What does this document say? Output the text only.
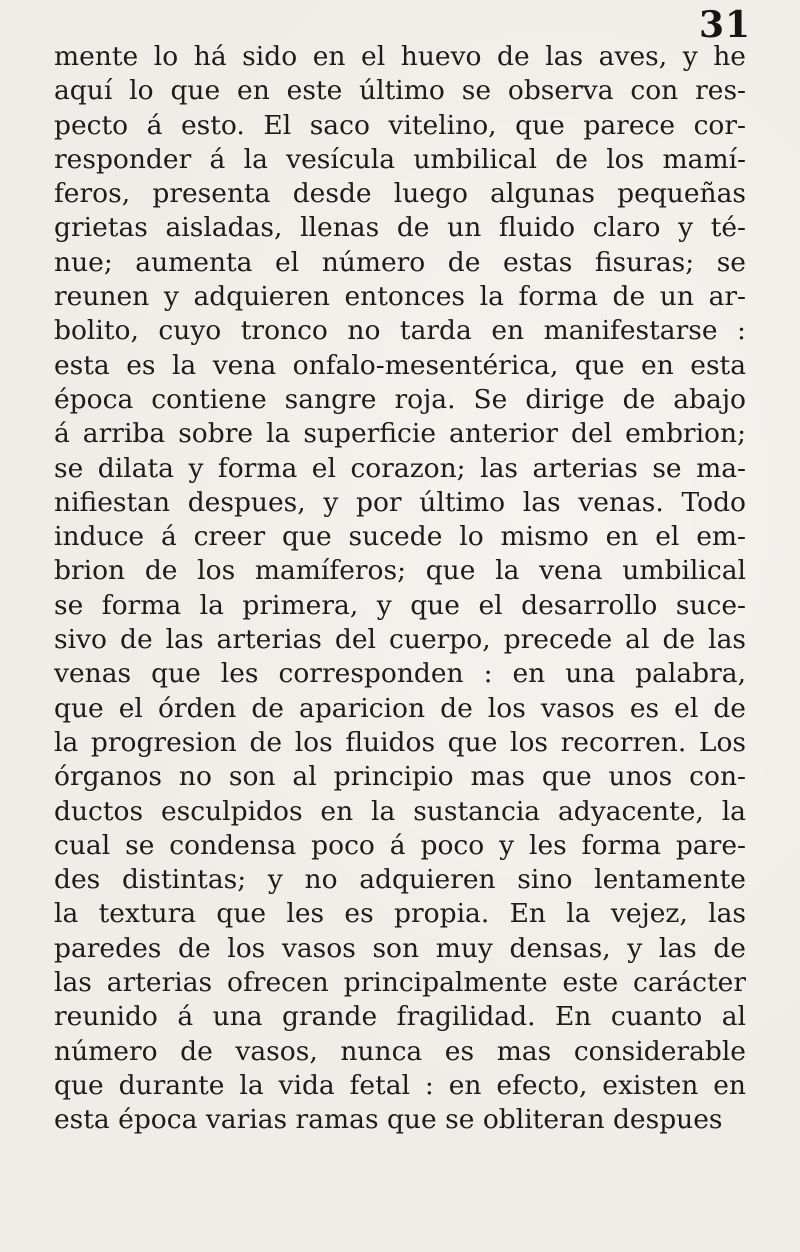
31
mente lo há sido en el huevo de las aves, y he
aquí lo que en este último se observa con res-
pecto á esto. El saco vitelino, que parece cor-
responder á la vesícula umbilical de los mamí-
feros, presenta desde luego algunas pequeñas
grietas aisladas, llenas de un fluido claro y té-
nue; aumenta el número de estas fisuras; se
reunen y adquieren entonces la forma de un ar-
bolito, cuyo tronco no tarda en manifestarse :
esta es la vena onfalo-mesentérica, que en esta
época contiene sangre roja. Se dirige de abajo
á arriba sobre la superficie anterior del embrion;
se dilata y forma el corazon; las arterias se ma-
nifiestan despues, y por último las venas. Todo
induce á creer que sucede lo mismo en el em-
brion de los mamíferos; que la vena umbilical
se forma la primera, y que el desarrollo suce-
sivo de las arterias del cuerpo, precede al de las
venas que les corresponden : en una palabra,
que el órden de aparicion de los vasos es el de
la progresion de los fluidos que los recorren. Los
órganos no son al principio mas que unos con-
ductos esculpidos en la sustancia adyacente, la
cual se condensa poco á poco y les forma pare-
des distintas; y no adquieren sino lentamente
la textura que les es propia. En la vejez, las
paredes de los vasos son muy densas, y las de
las arterias ofrecen principalmente este carácter
reunido á una grande fragilidad. En cuanto al
número de vasos, nunca es mas considerable
que durante la vida fetal : en efecto, existen en
esta época varias ramas que se obliteran despues
